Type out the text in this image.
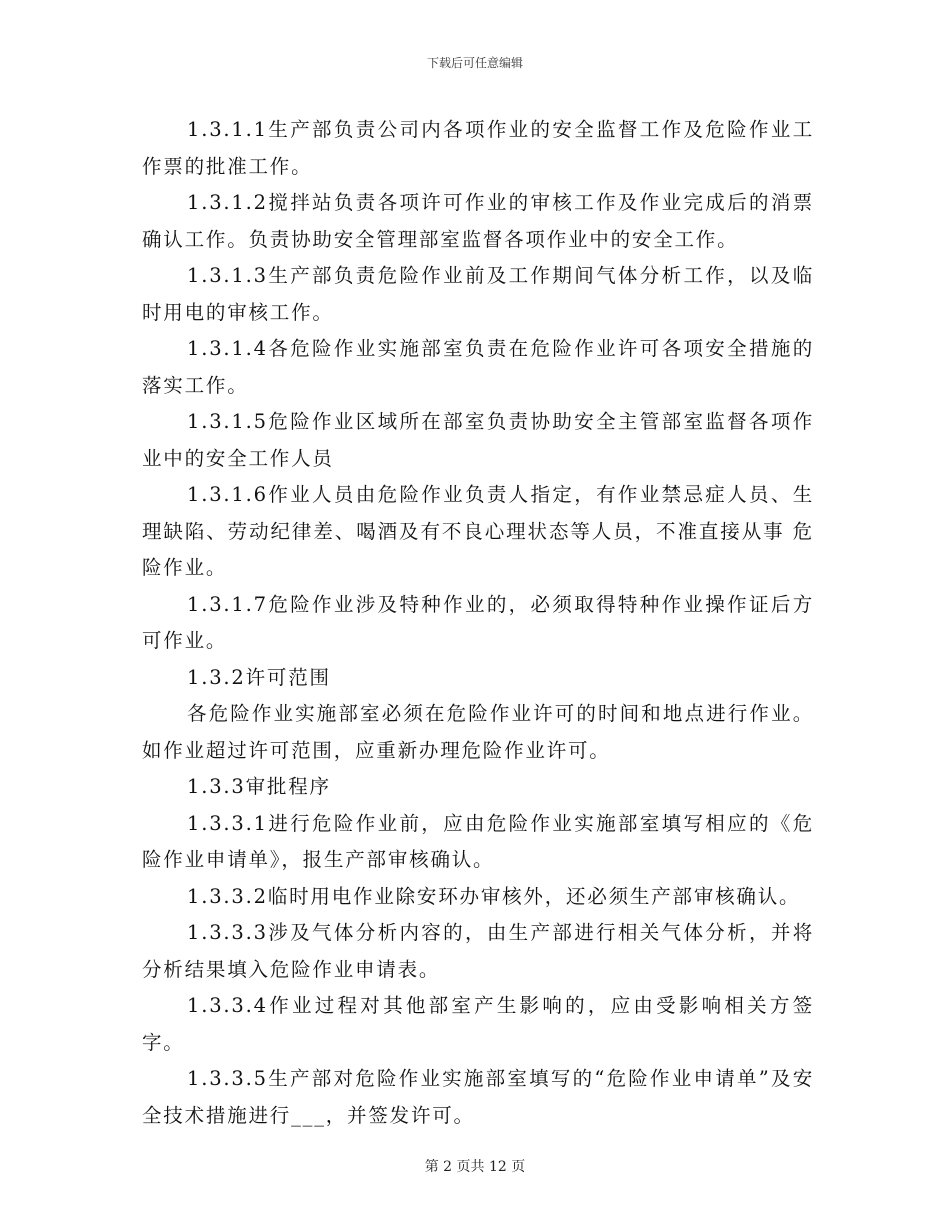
下载后可任意编辑

1.3.1.1生产部负责公司内各项作业的安全监督工作及危险作业工作票的批准工作。

1.3.1.2搅拌站负责各项许可作业的审核工作及作业完成后的消票确认工作。负责协助安全管理部室监督各项作业中的安全工作。

1.3.1.3生产部负责危险作业前及工作期间气体分析工作，以及临时用电的审核工作。

1.3.1.4各危险作业实施部室负责在危险作业许可各项安全措施的落实工作。

1.3.1.5危险作业区域所在部室负责协助安全主管部室监督各项作业中的安全工作人员

1.3.1.6作业人员由危险作业负责人指定，有作业禁忌症人员、生理缺陷、劳动纪律差、喝酒及有不良心理状态等人员，不准直接从事 危险作业。

1.3.1.7危险作业涉及特种作业的，必须取得特种作业操作证后方可作业。

1.3.2许可范围

各危险作业实施部室必须在危险作业许可的时间和地点进行作业。如作业超过许可范围，应重新办理危险作业许可。

1.3.3审批程序

1.3.3.1进行危险作业前，应由危险作业实施部室填写相应的《危险作业申请单》，报生产部审核确认。

1.3.3.2临时用电作业除安环办审核外，还必须生产部审核确认。

1.3.3.3涉及气体分析内容的，由生产部进行相关气体分析，并将分析结果填入危险作业申请表。

1.3.3.4作业过程对其他部室产生影响的，应由受影响相关方签字。

1.3.3.5生产部对危险作业实施部室填写的“危险作业申请单”及安全技术措施进行___，并签发许可。

第 2 页共 12 页
